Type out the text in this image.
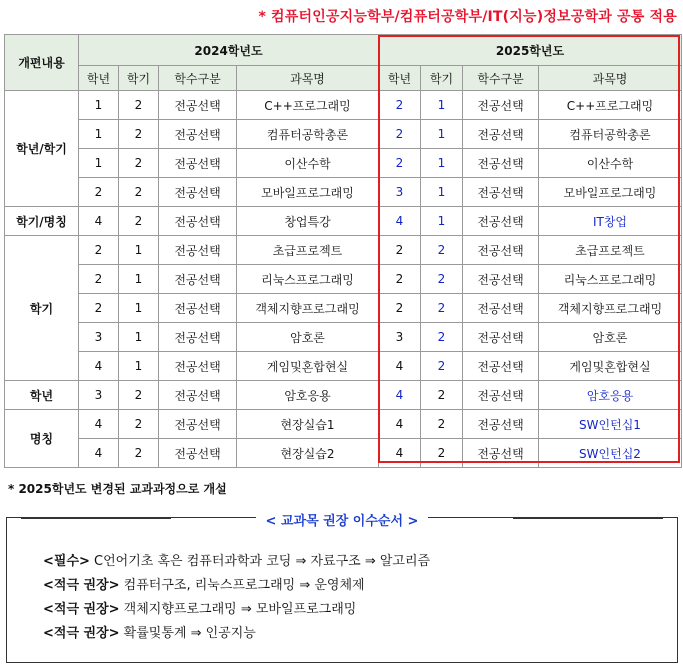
* 컴퓨터인공지능학부/컴퓨터공학부/IT(지능)정보공학과 공통 적용
개편내용	2024학년도				2025학년도			
	학년	학기	학수구분	과목명	학년	학기	학수구분	과목명
학년/학기	1	2	전공선택	C++프로그래밍	2	1	전공선택	C++프로그래밍
	1	2	전공선택	컴퓨터공학총론	2	1	전공선택	컴퓨터공학총론
	1	2	전공선택	이산수학	2	1	전공선택	이산수학
	2	2	전공선택	모바일프로그래밍	3	1	전공선택	모바일프로그래밍
학기/명칭	4	2	전공선택	창업특강	4	1	전공선택	IT창업
학기	2	1	전공선택	초급프로젝트	2	2	전공선택	초급프로젝트
	2	1	전공선택	리눅스프로그래밍	2	2	전공선택	리눅스프로그래밍
	2	1	전공선택	객체지향프로그래밍	2	2	전공선택	객체지향프로그래밍
	3	1	전공선택	암호론	3	2	전공선택	암호론
	4	1	전공선택	게임및혼합현실	4	2	전공선택	게임및혼합현실
학년	3	2	전공선택	암호응용	4	2	전공선택	암호응용
명칭	4	2	전공선택	현장실습1	4	2	전공선택	SW인턴십1
	4	2	전공선택	현장실습2	4	2	전공선택	SW인턴십2
* 2025학년도 변경된 교과과정으로 개설
< 교과목 권장 이수순서 >
<필수> C언어기초 혹은 컴퓨터과학과 코딩 ⇒ 자료구조 ⇒ 알고리즘
<적극 권장> 컴퓨터구조, 리눅스프로그래밍 ⇒ 운영체제
<적극 권장> 객체지향프로그래밍 ⇒ 모바일프로그래밍
<적극 권장> 확률및통계 ⇒ 인공지능
